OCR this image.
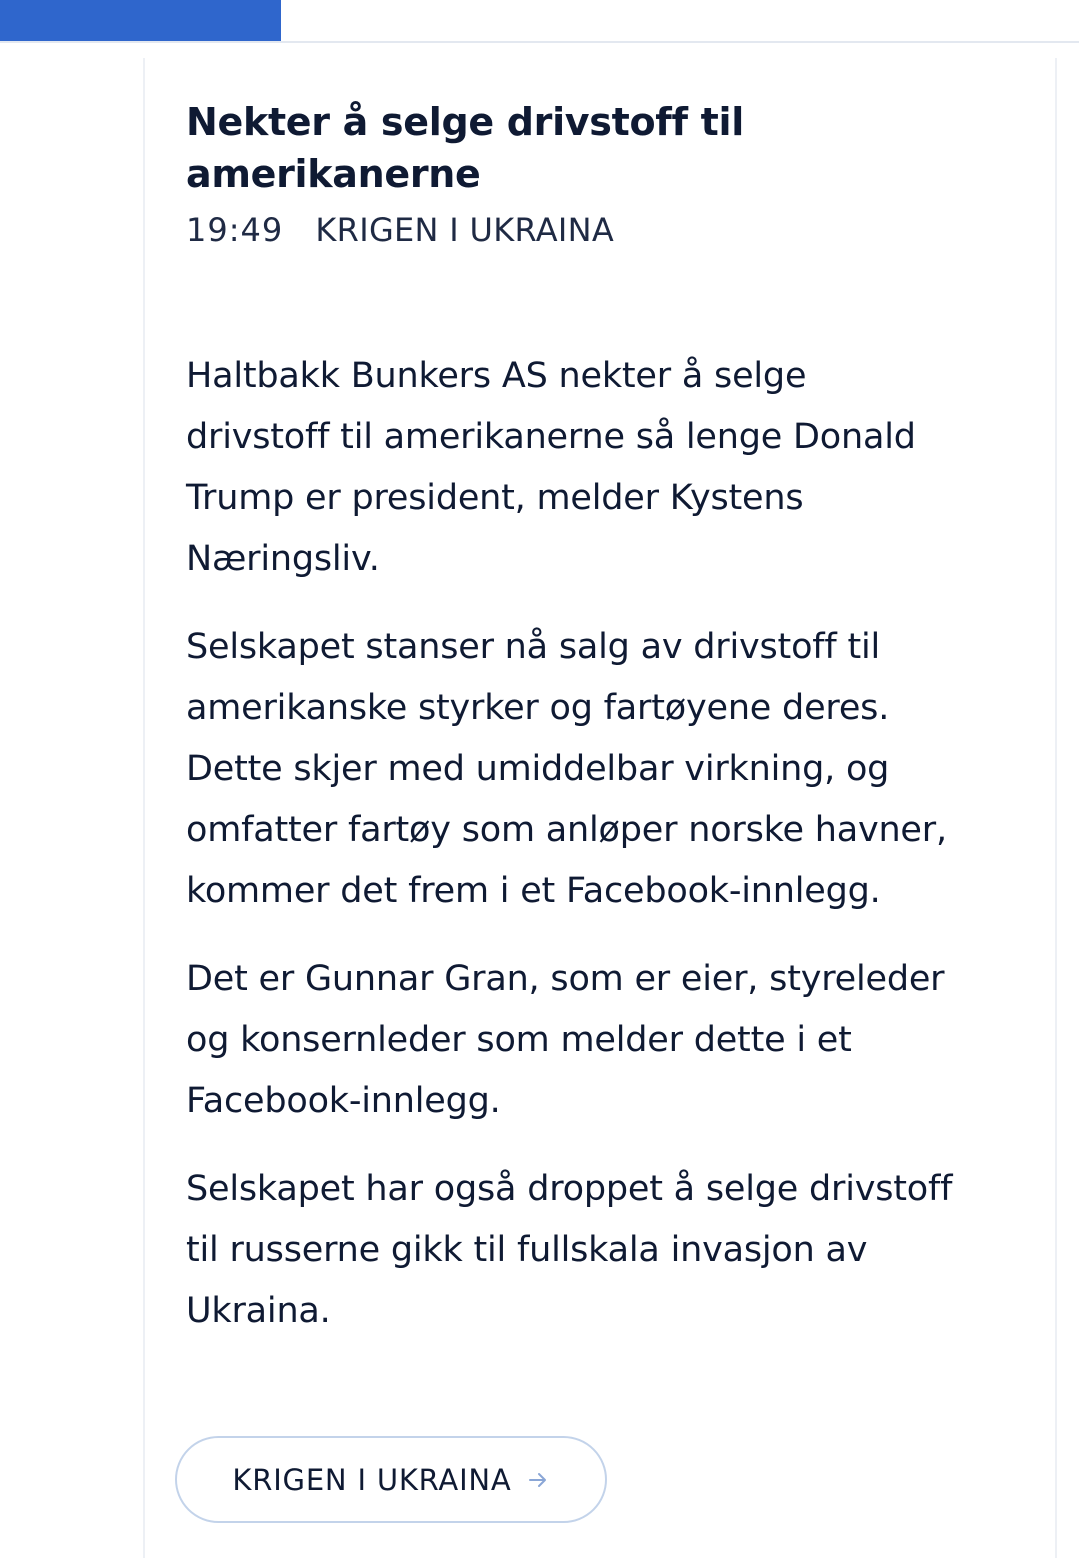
Nekter å selge drivstoff til amerikanerne
19:49 KRIGEN I UKRAINA

Haltbakk Bunkers AS nekter å selge drivstoff til amerikanerne så lenge Donald Trump er president, melder Kystens Næringsliv.

Selskapet stanser nå salg av drivstoff til amerikanske styrker og fartøyene deres. Dette skjer med umiddelbar virkning, og omfatter fartøy som anløper norske havner, kommer det frem i et Facebook-innlegg.

Det er Gunnar Gran, som er eier, styreleder og konsernleder som melder dette i et Facebook-innlegg.

Selskapet har også droppet å selge drivstoff til russerne gikk til fullskala invasjon av Ukraina.

KRIGEN I UKRAINA
